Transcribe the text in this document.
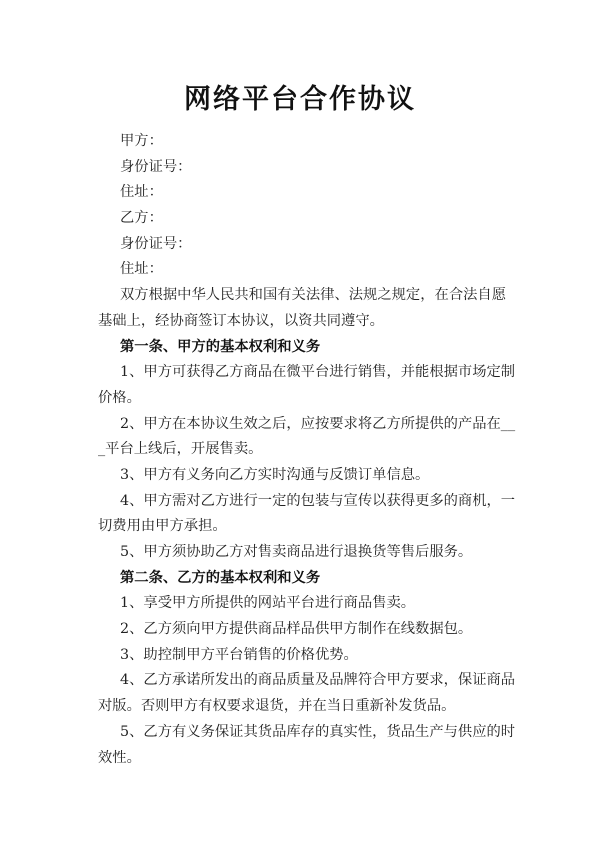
网络平台合作协议
甲方：
身份证号：
住址：
乙方：
身份证号：
住址：
双方根据中华人民共和国有关法律、法规之规定，在合法自愿
基础上，经协商签订本协议，以资共同遵守。
第一条、甲方的基本权利和义务
1、甲方可获得乙方商品在微平台进行销售，并能根据市场定制
价格。
2、甲方在本协议生效之后，应按要求将乙方所提供的产品在__
_平台上线后，开展售卖。
3、甲方有义务向乙方实时沟通与反馈订单信息。
4、甲方需对乙方进行一定的包装与宣传以获得更多的商机，一
切费用由甲方承担。
5、甲方须协助乙方对售卖商品进行退换货等售后服务。
第二条、乙方的基本权利和义务
1、享受甲方所提供的网站平台进行商品售卖。
2、乙方须向甲方提供商品样品供甲方制作在线数据包。
3、助控制甲方平台销售的价格优势。
4、乙方承诺所发出的商品质量及品牌符合甲方要求，保证商品
对版。否则甲方有权要求退货，并在当日重新补发货品。
5、乙方有义务保证其货品库存的真实性，货品生产与供应的时
效性。
